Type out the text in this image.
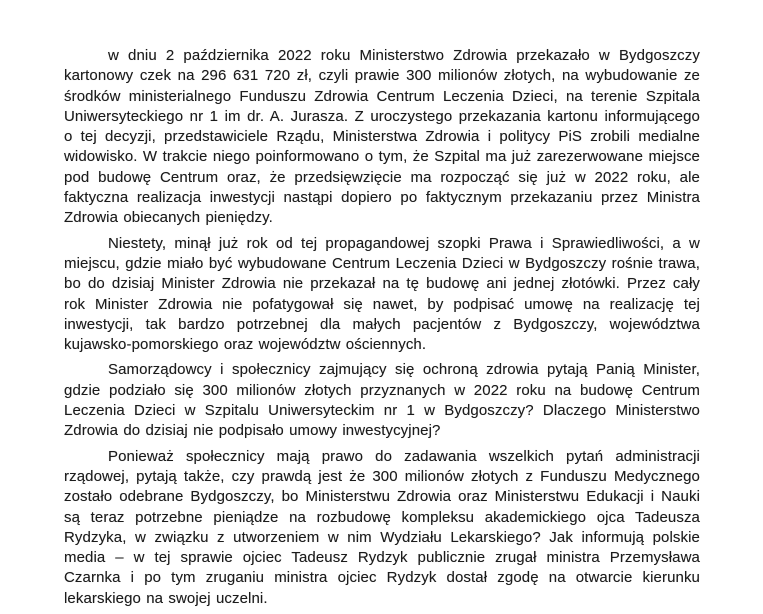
w dniu 2 października 2022 roku Ministerstwo Zdrowia przekazało w Bydgoszczy kartonowy czek na 296 631 720 zł, czyli prawie 300 milionów złotych, na wybudowanie ze środków ministerialnego Funduszu Zdrowia Centrum Leczenia Dzieci, na terenie Szpitala Uniwersyteckiego nr 1 im dr. A. Jurasza. Z uroczystego przekazania kartonu informującego o tej decyzji, przedstawiciele Rządu, Ministerstwa Zdrowia i politycy PiS zrobili medialne widowisko. W trakcie niego poinformowano o tym, że Szpital ma już zarezerwowane miejsce pod budowę Centrum oraz, że przedsięwzięcie ma rozpocząć się już w 2022 roku, ale faktyczna realizacja inwestycji nastąpi dopiero po faktycznym przekazaniu przez Ministra Zdrowia obiecanych pieniędzy.

Niestety, minął już rok od tej propagandowej szopki Prawa i Sprawiedliwości, a w miejscu, gdzie miało być wybudowane Centrum Leczenia Dzieci w Bydgoszczy rośnie trawa, bo do dzisiaj Minister Zdrowia nie przekazał na tę budowę ani jednej złotówki. Przez cały rok Minister Zdrowia nie pofatygował się nawet, by podpisać umowę na realizację tej inwestycji, tak bardzo potrzebnej dla małych pacjentów z Bydgoszczy, województwa kujawsko-pomorskiego oraz województw ościennych.

Samorządowcy i społecznicy zajmujący się ochroną zdrowia pytają Panią Minister, gdzie podziało się 300 milionów złotych przyznanych w 2022 roku na budowę Centrum Leczenia Dzieci w Szpitalu Uniwersyteckim nr 1 w Bydgoszczy? Dlaczego Ministerstwo Zdrowia do dzisiaj nie podpisało umowy inwestycyjnej?

Ponieważ społecznicy mają prawo do zadawania wszelkich pytań administracji rządowej, pytają także, czy prawdą jest że 300 milionów złotych z Funduszu Medycznego zostało odebrane Bydgoszczy, bo Ministerstwu Zdrowia oraz Ministerstwu Edukacji i Nauki są teraz potrzebne pieniądze na rozbudowę kompleksu akademickiego ojca Tadeusza Rydzyka, w związku z utworzeniem w nim Wydziału Lekarskiego? Jak informują polskie media – w tej sprawie ojciec Tadeusz Rydzyk publicznie zrugał ministra Przemysława Czarnka i po tym zruganiu ministra ojciec Rydzyk dostał zgodę na otwarcie kierunku lekarskiego na swojej uczelni.
